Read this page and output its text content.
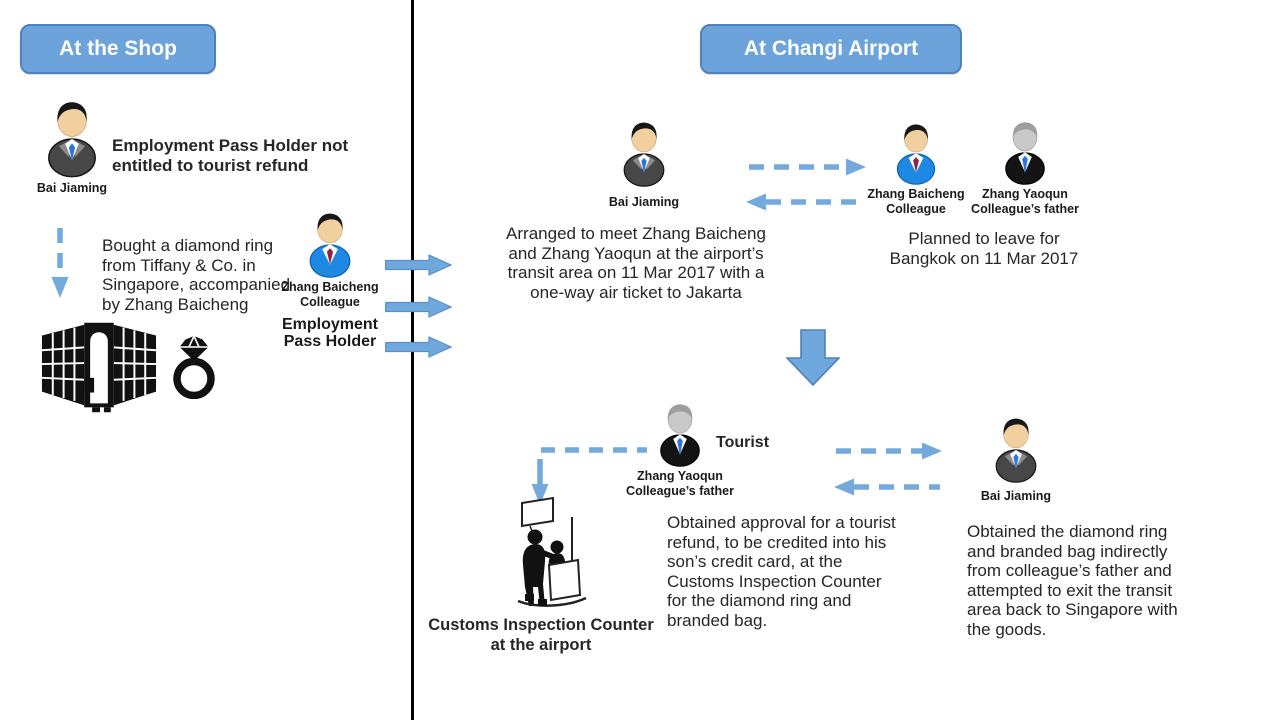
At the Shop	At Changi Airport
Bai Jiaming
Employment Pass Holder not entitled to tourist refund
Bought a diamond ring from Tiffany & Co. in Singapore, accompanied by Zhang Baicheng
Zhang Baicheng
Colleague
Employment Pass Holder
Bai Jiaming
Zhang Baicheng
Colleague
Zhang Yaoqun
Colleague’s father
Arranged to meet Zhang Baicheng and Zhang Yaoqun at the airport’s transit area on 11 Mar 2017 with a one-way air ticket to Jakarta
Planned to leave for Bangkok on 11 Mar 2017
Zhang Yaoqun
Colleague’s father
Tourist
Customs Inspection Counter at the airport
Obtained approval for a tourist refund, to be credited into his son’s credit card, at the Customs Inspection Counter for the diamond ring and branded bag.
Bai Jiaming
Obtained the diamond ring and branded bag indirectly from colleague’s father and attempted to exit the transit area back to Singapore with the goods.
